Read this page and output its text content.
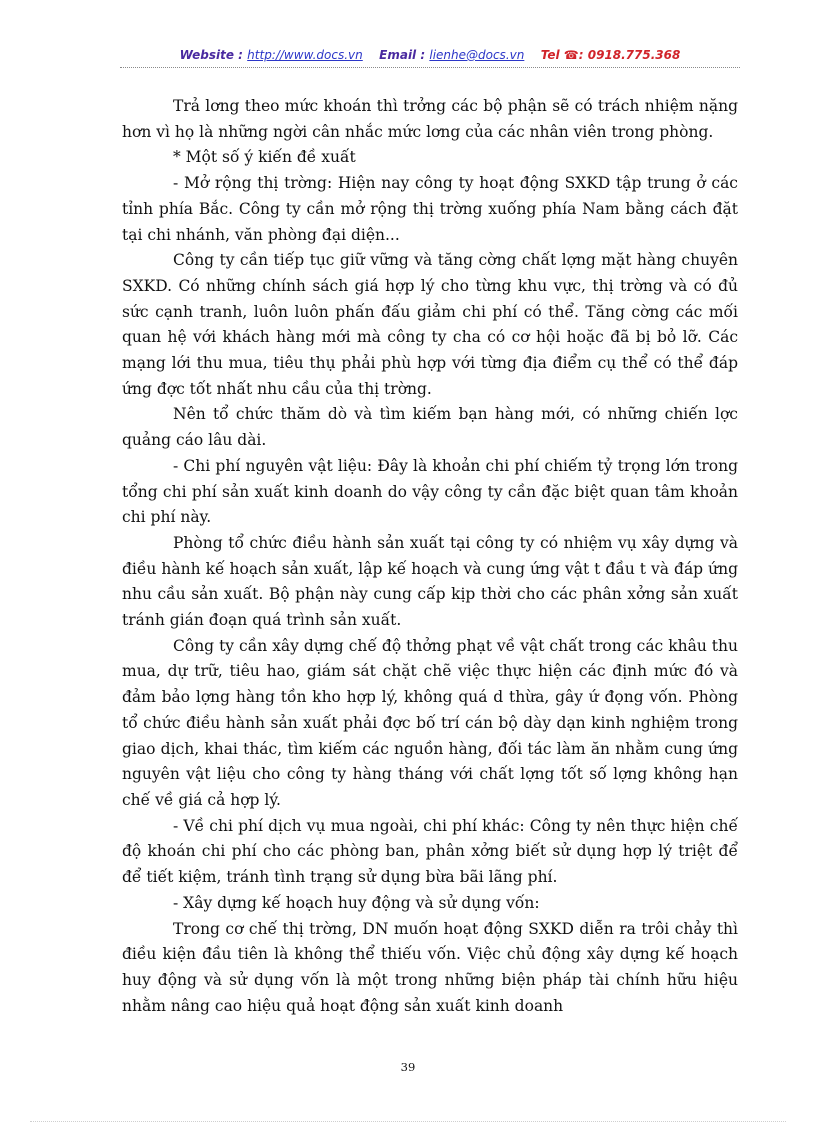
Website : http://www.docs.vn Email : lienhe@docs.vn Tel ☎: 0918.775.368

Trả lơng theo mức khoán thì trởng các bộ phận sẽ có trách nhiệm nặng hơn vì họ là những ngời cân nhắc mức lơng của các nhân viên trong phòng.

* Một số ý kiến đề xuất

- Mở rộng thị trờng: Hiện nay công ty hoạt động SXKD tập trung ở các tỉnh phía Bắc. Công ty cần mở rộng thị trờng xuống phía Nam bằng cách đặt tại chi nhánh, văn phòng đại diện...

Công ty cần tiếp tục giữ vững và tăng cờng chất lợng mặt hàng chuyên SXKD. Có những chính sách giá hợp lý cho từng khu vực, thị trờng và có đủ sức cạnh tranh, luôn luôn phấn đấu giảm chi phí có thể. Tăng cờng các mối quan hệ với khách hàng mới mà công ty cha có cơ hội hoặc đã bị bỏ lỡ. Các mạng lới thu mua, tiêu thụ phải phù hợp với từng địa điểm cụ thể có thể đáp ứng đợc tốt nhất nhu cầu của thị trờng.

Nên tổ chức thăm dò và tìm kiếm bạn hàng mới, có những chiến lợc quảng cáo lâu dài.

- Chi phí nguyên vật liệu: Đây là khoản chi phí chiếm tỷ trọng lớn trong tổng chi phí sản xuất kinh doanh do vậy công ty cần đặc biệt quan tâm khoản chi phí này.

Phòng tổ chức điều hành sản xuất tại công ty có nhiệm vụ xây dựng và điều hành kế hoạch sản xuất, lập kế hoạch và cung ứng vật t đầu t và đáp ứng nhu cầu sản xuất. Bộ phận này cung cấp kịp thời cho các phân xởng sản xuất tránh gián đoạn quá trình sản xuất.

Công ty cần xây dựng chế độ thởng phạt về vật chất trong các khâu thu mua, dự trữ, tiêu hao, giám sát chặt chẽ việc thực hiện các định mức đó và đảm bảo lợng hàng tồn kho hợp lý, không quá d thừa, gây ứ đọng vốn. Phòng tổ chức điều hành sản xuất phải đợc bố trí cán bộ dày dạn kinh nghiệm trong giao dịch, khai thác, tìm kiếm các nguồn hàng, đối tác làm ăn nhằm cung ứng nguyên vật liệu cho công ty hàng tháng với chất lợng tốt số lợng không hạn chế về giá cả hợp lý.

- Về chi phí dịch vụ mua ngoài, chi phí khác: Công ty nên thực hiện chế độ khoán chi phí cho các phòng ban, phân xởng biết sử dụng hợp lý triệt để để tiết kiệm, tránh tình trạng sử dụng bừa bãi lãng phí.

- Xây dựng kế hoạch huy động và sử dụng vốn:

Trong cơ chế thị trờng, DN muốn hoạt động SXKD diễn ra trôi chảy thì điều kiện đầu tiên là không thể thiếu vốn. Việc chủ động xây dựng kế hoạch huy động và sử dụng vốn là một trong những biện pháp tài chính hữu hiệu nhằm nâng cao hiệu quả hoạt động sản xuất kinh doanh

39
